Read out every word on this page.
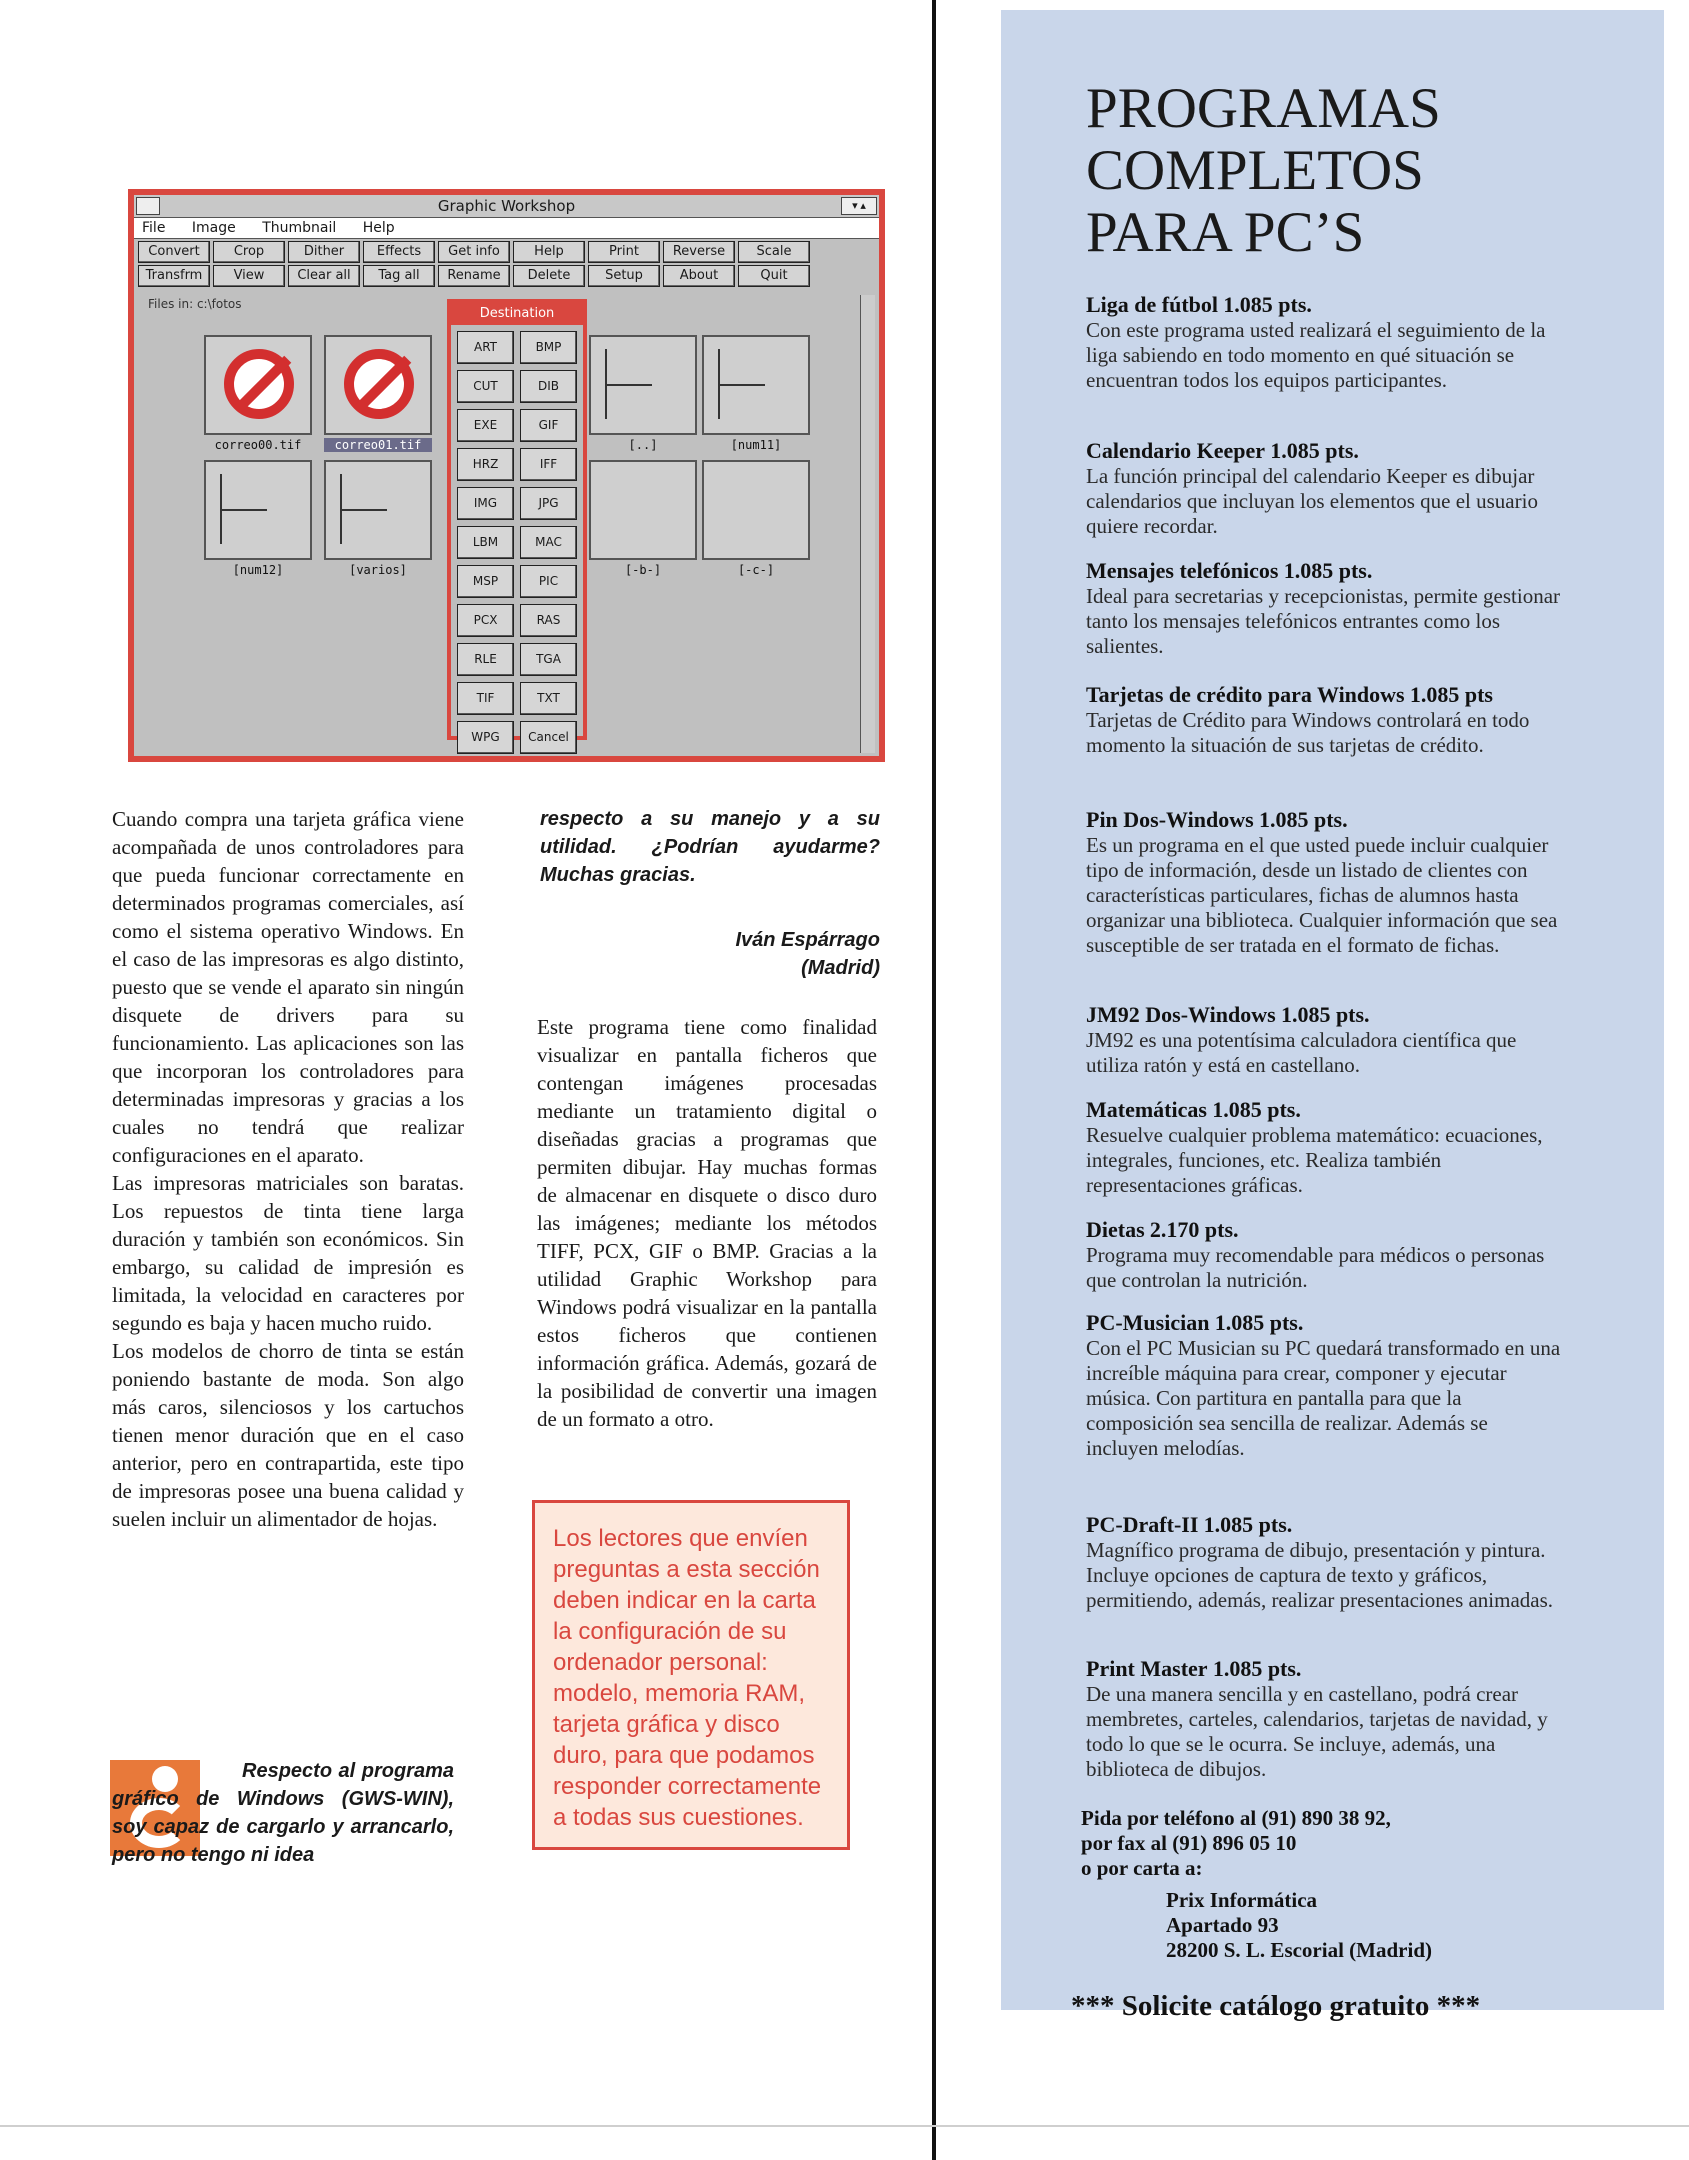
Graphic Workshop	▾ ▴
File Image Thumbnail Help
Convert	Crop	Dither	Effects	Get info	Help	Print	Reverse	Scale
Transfrm	View	Clear all	Tag all	Rename	Delete	Setup	About	Quit
Files in: c:\fotos
correo00.tif	correo01.tif	[..]	[num11]
[num12]	[varios]	[-b-]	[-c-]
Destination
ART	BMP
CUT	DIB
EXE	GIF
HRZ	IFF
IMG	JPG
LBM	MAC
MSP	PIC
PCX	RAS
RLE	TGA
TIF	TXT
WPG	Cancel

Cuando compra una tarjeta gráfica viene acompañada de unos controladores para que pueda funcionar correctamente en determinados programas comerciales, así como el sistema operativo Windows. En el caso de las impresoras es algo distinto, puesto que se vende el aparato sin ningún disquete de drivers para su funcionamiento. Las aplicaciones son las que incorporan los controladores para determinadas impresoras y gracias a los cuales no tendrá que realizar configuraciones en el aparato.

Las impresoras matriciales son baratas. Los repuestos de tinta tiene larga duración y también son económicos. Sin embargo, su calidad de impresión es limitada, la velocidad en caracteres por segundo es baja y hacen mucho ruido.

Los modelos de chorro de tinta se están poniendo bastante de moda. Son algo más caros, silenciosos y los cartuchos tienen menor duración que en el caso anterior, pero en contrapartida, este tipo de impresoras posee una buena calidad y suelen incluir un alimentador de hojas.

Respecto al programa gráfico de Windows (GWS-WIN), soy capaz de cargarlo y arrancarlo, pero no tengo ni idea
respecto a su manejo y a su utilidad. ¿Podrían ayudarme? Muchas gracias.
Iván Espárrago
(Madrid)
Este programa tiene como finalidad visualizar en pantalla ficheros que contengan imágenes procesadas mediante un tratamiento digital o diseñadas gracias a programas que permiten dibujar. Hay muchas formas de almacenar en disquete o disco duro las imágenes; mediante los métodos TIFF, PCX, GIF o BMP. Gracias a la utilidad Graphic Workshop para Windows podrá visualizar en la pantalla estos ficheros que contienen información gráfica. Además, gozará de la posibilidad de convertir una imagen de un formato a otro.
Los lectores que envíen preguntas a esta sección deben indicar en la carta la configuración de su ordenador personal: modelo, memoria RAM, tarjeta gráfica y disco duro, para que podamos responder correctamente a todas sus cuestiones.
PROGRAMAS
COMPLETOS
PARA PC’S
Liga de fútbol 1.085 pts.
Con este programa usted realizará el seguimiento de la liga sabiendo en todo momento en qué situación se encuentran todos los equipos participantes.
Calendario Keeper 1.085 pts.
La función principal del calendario Keeper es dibujar calendarios que incluyan los elementos que el usuario quiere recordar.
Mensajes telefónicos 1.085 pts.
Ideal para secretarias y recepcionistas, permite gestionar tanto los mensajes telefónicos entrantes como los salientes.
Tarjetas de crédito para Windows 1.085 pts
Tarjetas de Crédito para Windows controlará en todo momento la situación de sus tarjetas de crédito.
Pin Dos-Windows 1.085 pts.
Es un programa en el que usted puede incluir cualquier tipo de información, desde un listado de clientes con características particulares, fichas de alumnos hasta organizar una biblioteca. Cualquier información que sea susceptible de ser tratada en el formato de fichas.
JM92 Dos-Windows 1.085 pts.
JM92 es una potentísima calculadora científica que utiliza ratón y está en castellano.
Matemáticas 1.085 pts.
Resuelve cualquier problema matemático: ecuaciones, integrales, funciones, etc. Realiza también representaciones gráficas.
Dietas 2.170 pts.
Programa muy recomendable para médicos o personas que controlan la nutrición.
PC-Musician 1.085 pts.
Con el PC Musician su PC quedará transformado en una increíble máquina para crear, componer y ejecutar música. Con partitura en pantalla para que la composición sea sencilla de realizar. Además se incluyen melodías.
PC-Draft-II 1.085 pts.
Magnífico programa de dibujo, presentación y pintura. Incluye opciones de captura de texto y gráficos, permitiendo, además, realizar presentaciones animadas.
Print Master 1.085 pts.
De una manera sencilla y en castellano, podrá crear membretes, carteles, calendarios, tarjetas de navidad, y todo lo que se le ocurra. Se incluye, además, una biblioteca de dibujos.
Pida por teléfono al (91) 890 38 92,
por fax al (91) 896 05 10
o por carta a:
Prix Informática
Apartado 93
28200 S. L. Escorial (Madrid)
*** Solicite catálogo gratuito ***
